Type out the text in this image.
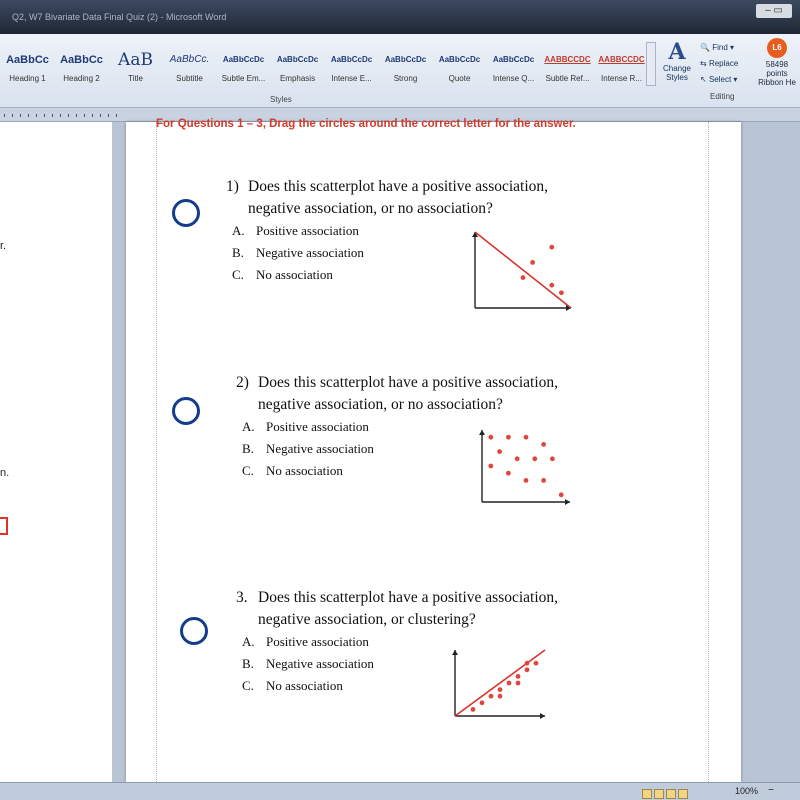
Q2, W7 Bivariate Data Final Quiz (2) - Microsoft Word
– ▭
AaBbCc
Heading 1
AaBbCc
Heading 2
AaB
Title
AaBbCc.
Subtitle
AaBbCcDc
Subtle Em...
AaBbCcDc
Emphasis
AaBbCcDc
Intense E...
AaBbCcDc
Strong
AaBbCcDc
Quote
AaBbCcDc
Intense Q...
AABBCCDC
Subtle Ref...
AABBCCDC
Intense R...
Styles
A
Change Styles
🔍 Find ▾
⇆ Replace
↖ Select ▾
Editing
L6
58498
points
Ribbon He
r.
n.
For Questions 1 – 3, Drag the circles around the correct letter for the answer.
1) Does this scatterplot have a positive association,
negative association, or no association?
A. Positive association
B. Negative association
C. No association
2) Does this scatterplot have a positive association,
negative association, or no association?
A. Positive association
B. Negative association
C. No association
3. Does this scatterplot have a positive association,
negative association, or clustering?
A. Positive association
B. Negative association
C. No association
100% −
